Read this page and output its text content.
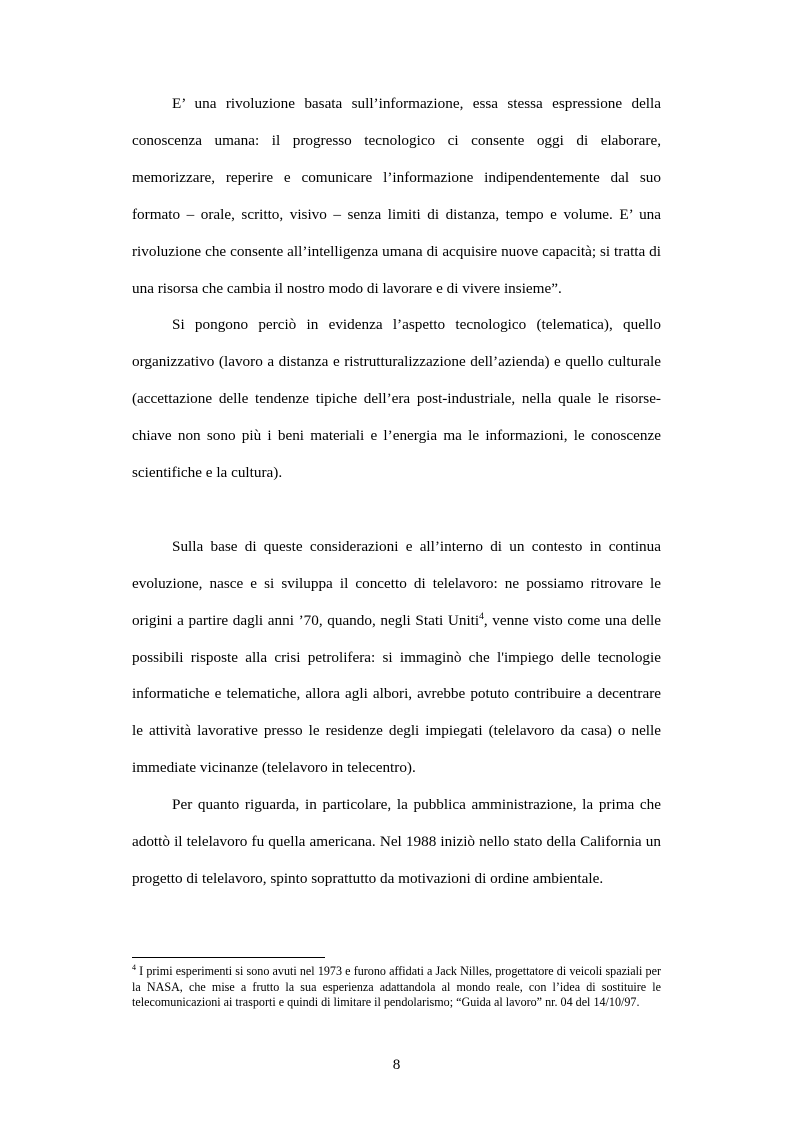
E’ una rivoluzione basata sull’informazione, essa stessa espressione della conoscenza umana: il progresso tecnologico ci consente oggi di elaborare, memorizzare, reperire e comunicare l’informazione indipendentemente dal suo formato – orale, scritto, visivo – senza limiti di distanza, tempo e volume. E’ una rivoluzione che consente all’intelligenza umana di acquisire nuove capacità; si tratta di una risorsa che cambia il nostro modo di lavorare e di vivere insieme”.

Si pongono perciò in evidenza l’aspetto tecnologico (telematica), quello organizzativo (lavoro a distanza e ristrutturalizzazione dell’azienda) e quello culturale (accettazione delle tendenze tipiche dell’era post-industriale, nella quale le risorse-chiave non sono più i beni materiali e l’energia ma le informazioni, le conoscenze scientifiche e la cultura).

Sulla base di queste considerazioni e all’interno di un contesto in continua evoluzione, nasce e si sviluppa il concetto di telelavoro: ne possiamo ritrovare le origini a partire dagli anni ’70, quando, negli Stati Uniti$^4$, venne visto come una delle possibili risposte alla crisi petrolifera: si immaginò che l'impiego delle tecnologie informatiche e telematiche, allora agli albori, avrebbe potuto contribuire a decentrare le attività lavorative presso le residenze degli impiegati (telelavoro da casa) o nelle immediate vicinanze (telelavoro in telecentro).

Per quanto riguarda, in particolare, la pubblica amministrazione, la prima che adottò il telelavoro fu quella americana. Nel 1988 iniziò nello stato della California un progetto di telelavoro, spinto soprattutto da motivazioni di ordine ambientale.

$^4$ I primi esperimenti si sono avuti nel 1973 e furono affidati a Jack Nilles, progettatore di veicoli spaziali per la NASA, che mise a frutto la sua esperienza adattandola al mondo reale, con l’idea di sostituire le telecomunicazioni ai trasporti e quindi di limitare il pendolarismo; “Guida al lavoro” nr. 04 del 14/10/97.

8
